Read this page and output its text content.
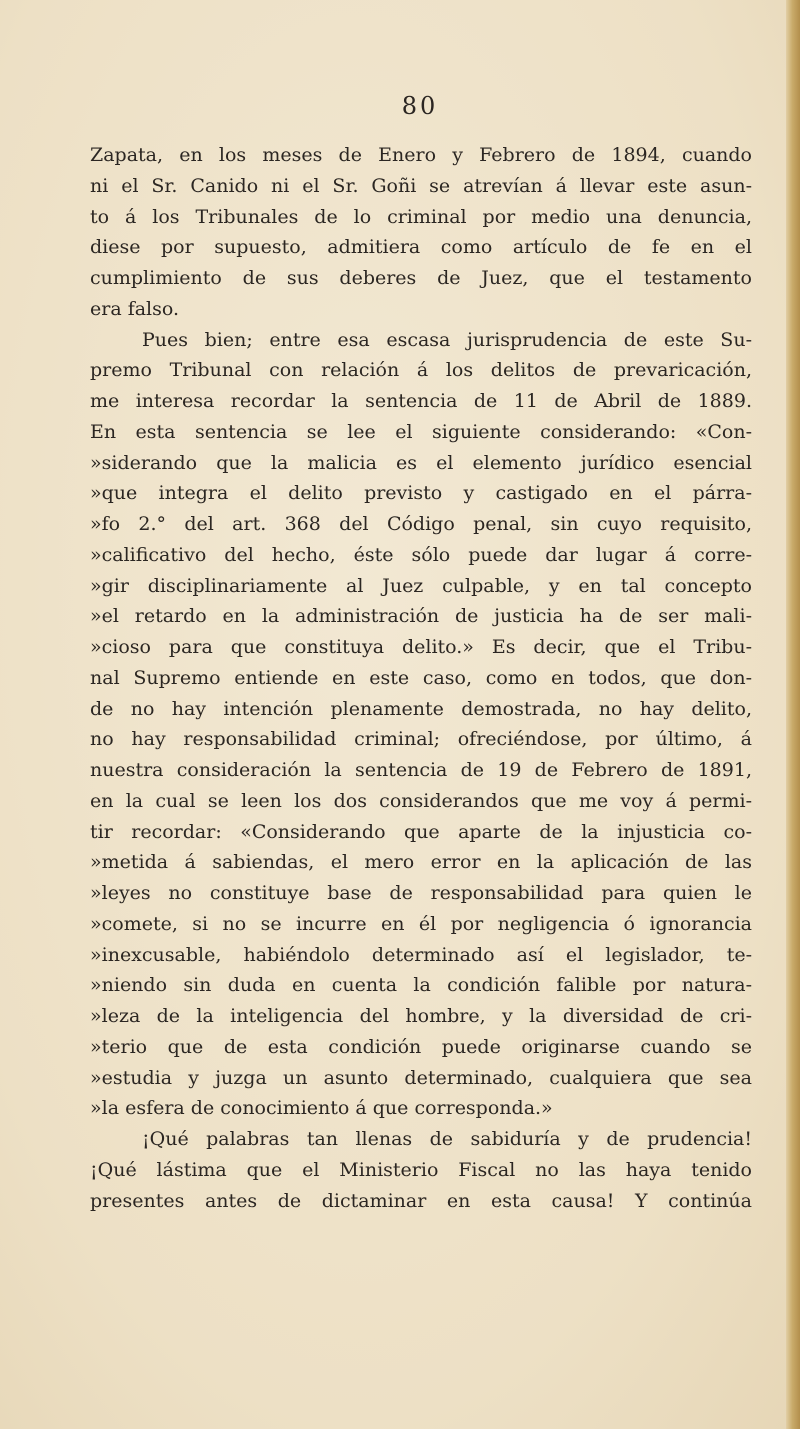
80
Zapata, en los meses de Enero y Febrero de 1894, cuando
ni el Sr. Canido ni el Sr. Goñi se atrevían á llevar este asun-
to á los Tribunales de lo criminal por medio una denuncia,
diese por supuesto, admitiera como artículo de fe en el
cumplimiento de sus deberes de Juez, que el testamento
era falso.
Pues bien; entre esa escasa jurisprudencia de este Su-
premo Tribunal con relación á los delitos de prevaricación,
me interesa recordar la sentencia de 11 de Abril de 1889.
En esta sentencia se lee el siguiente considerando: «Con-
»siderando que la malicia es el elemento jurídico esencial
»que integra el delito previsto y castigado en el párra-
»fo 2.° del art. 368 del Código penal, sin cuyo requisito,
»calificativo del hecho, éste sólo puede dar lugar á corre-
»gir disciplinariamente al Juez culpable, y en tal concepto
»el retardo en la administración de justicia ha de ser mali-
»cioso para que constituya delito.» Es decir, que el Tribu-
nal Supremo entiende en este caso, como en todos, que don-
de no hay intención plenamente demostrada, no hay delito,
no hay responsabilidad criminal; ofreciéndose, por último, á
nuestra consideración la sentencia de 19 de Febrero de 1891,
en la cual se leen los dos considerandos que me voy á permi-
tir recordar: «Considerando que aparte de la injusticia co-
»metida á sabiendas, el mero error en la aplicación de las
»leyes no constituye base de responsabilidad para quien le
»comete, si no se incurre en él por negligencia ó ignorancia
»inexcusable, habiéndolo determinado así el legislador, te-
»niendo sin duda en cuenta la condición falible por natura-
»leza de la inteligencia del hombre, y la diversidad de cri-
»terio que de esta condición puede originarse cuando se
»estudia y juzga un asunto determinado, cualquiera que sea
»la esfera de conocimiento á que corresponda.»
¡Qué palabras tan llenas de sabiduría y de prudencia!
¡Qué lástima que el Ministerio Fiscal no las haya tenido
presentes antes de dictaminar en esta causa! Y continúa
